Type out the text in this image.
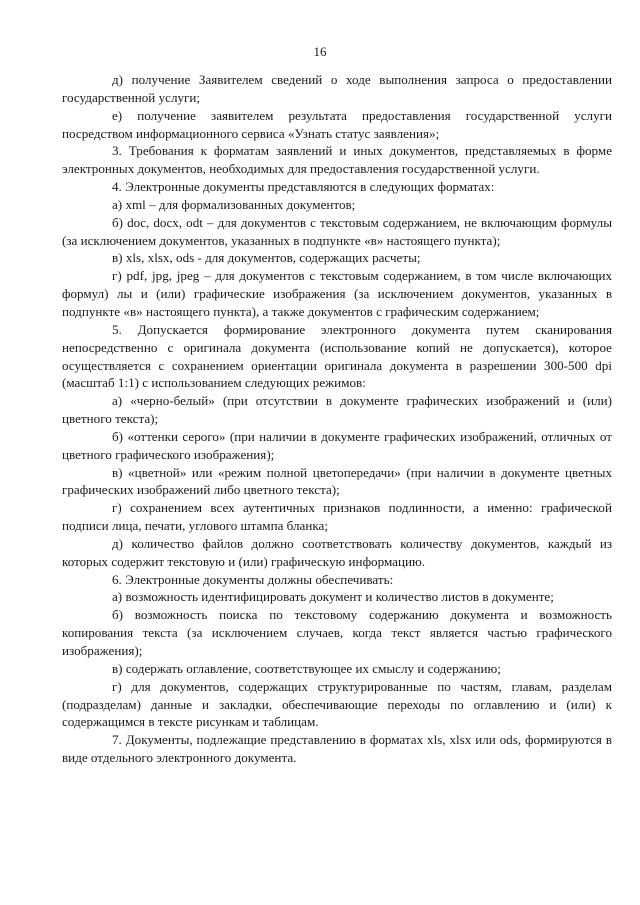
16

д) получение Заявителем сведений о ходе выполнения запроса о предоставлении государственной услуги;

е) получение заявителем результата предоставления государственной услуги посредством информационного сервиса «Узнать статус заявления»;

3. Требования к форматам заявлений и иных документов, представляемых в форме электронных документов, необходимых для предоставления государственной услуги.

4. Электронные документы представляются в следующих форматах:

а) xml – для формализованных документов;

б) doc, docx, odt – для документов с текстовым содержанием, не включающим формулы (за исключением документов, указанных в подпункте «в» настоящего пункта);

в) xls, xlsx, ods - для документов, содержащих расчеты;

г) pdf, jpg, jpeg – для документов с текстовым содержанием, в том числе включающих формул) лы и (или) графические изображения (за исключением документов, указанных в подпункте «в» настоящего пункта), а также документов с графическим содержанием;

5. Допускается формирование электронного документа путем сканирования непосредственно с оригинала документа (использование копий не допускается), которое осуществляется с сохранением ориентации оригинала документа в разрешении 300-500 dpi (масштаб 1:1) с использованием следующих режимов:

а) «черно-белый» (при отсутствии в документе графических изображений и (или) цветного текста);

б) «оттенки серого» (при наличии в документе графических изображений, отличных от цветного графического изображения);

в) «цветной» или «режим полной цветопередачи» (при наличии в документе цветных графических изображений либо цветного текста);

г) сохранением всех аутентичных признаков подлинности, а именно: графической подписи лица, печати, углового штампа бланка;

д) количество файлов должно соответствовать количеству документов, каждый из которых содержит текстовую и (или) графическую информацию.

6. Электронные документы должны обеспечивать:

а) возможность идентифицировать документ и количество листов в документе;

б) возможность поиска по текстовому содержанию документа и возможность копирования текста (за исключением случаев, когда текст является частью графического изображения);

в) содержать оглавление, соответствующее их смыслу и содержанию;

г) для документов, содержащих структурированные по частям, главам, разделам (подразделам) данные и закладки, обеспечивающие переходы по оглавлению и (или) к содержащимся в тексте рисункам и таблицам.

7. Документы, подлежащие представлению в форматах xls, xlsx или ods, формируются в виде отдельного электронного документа.
